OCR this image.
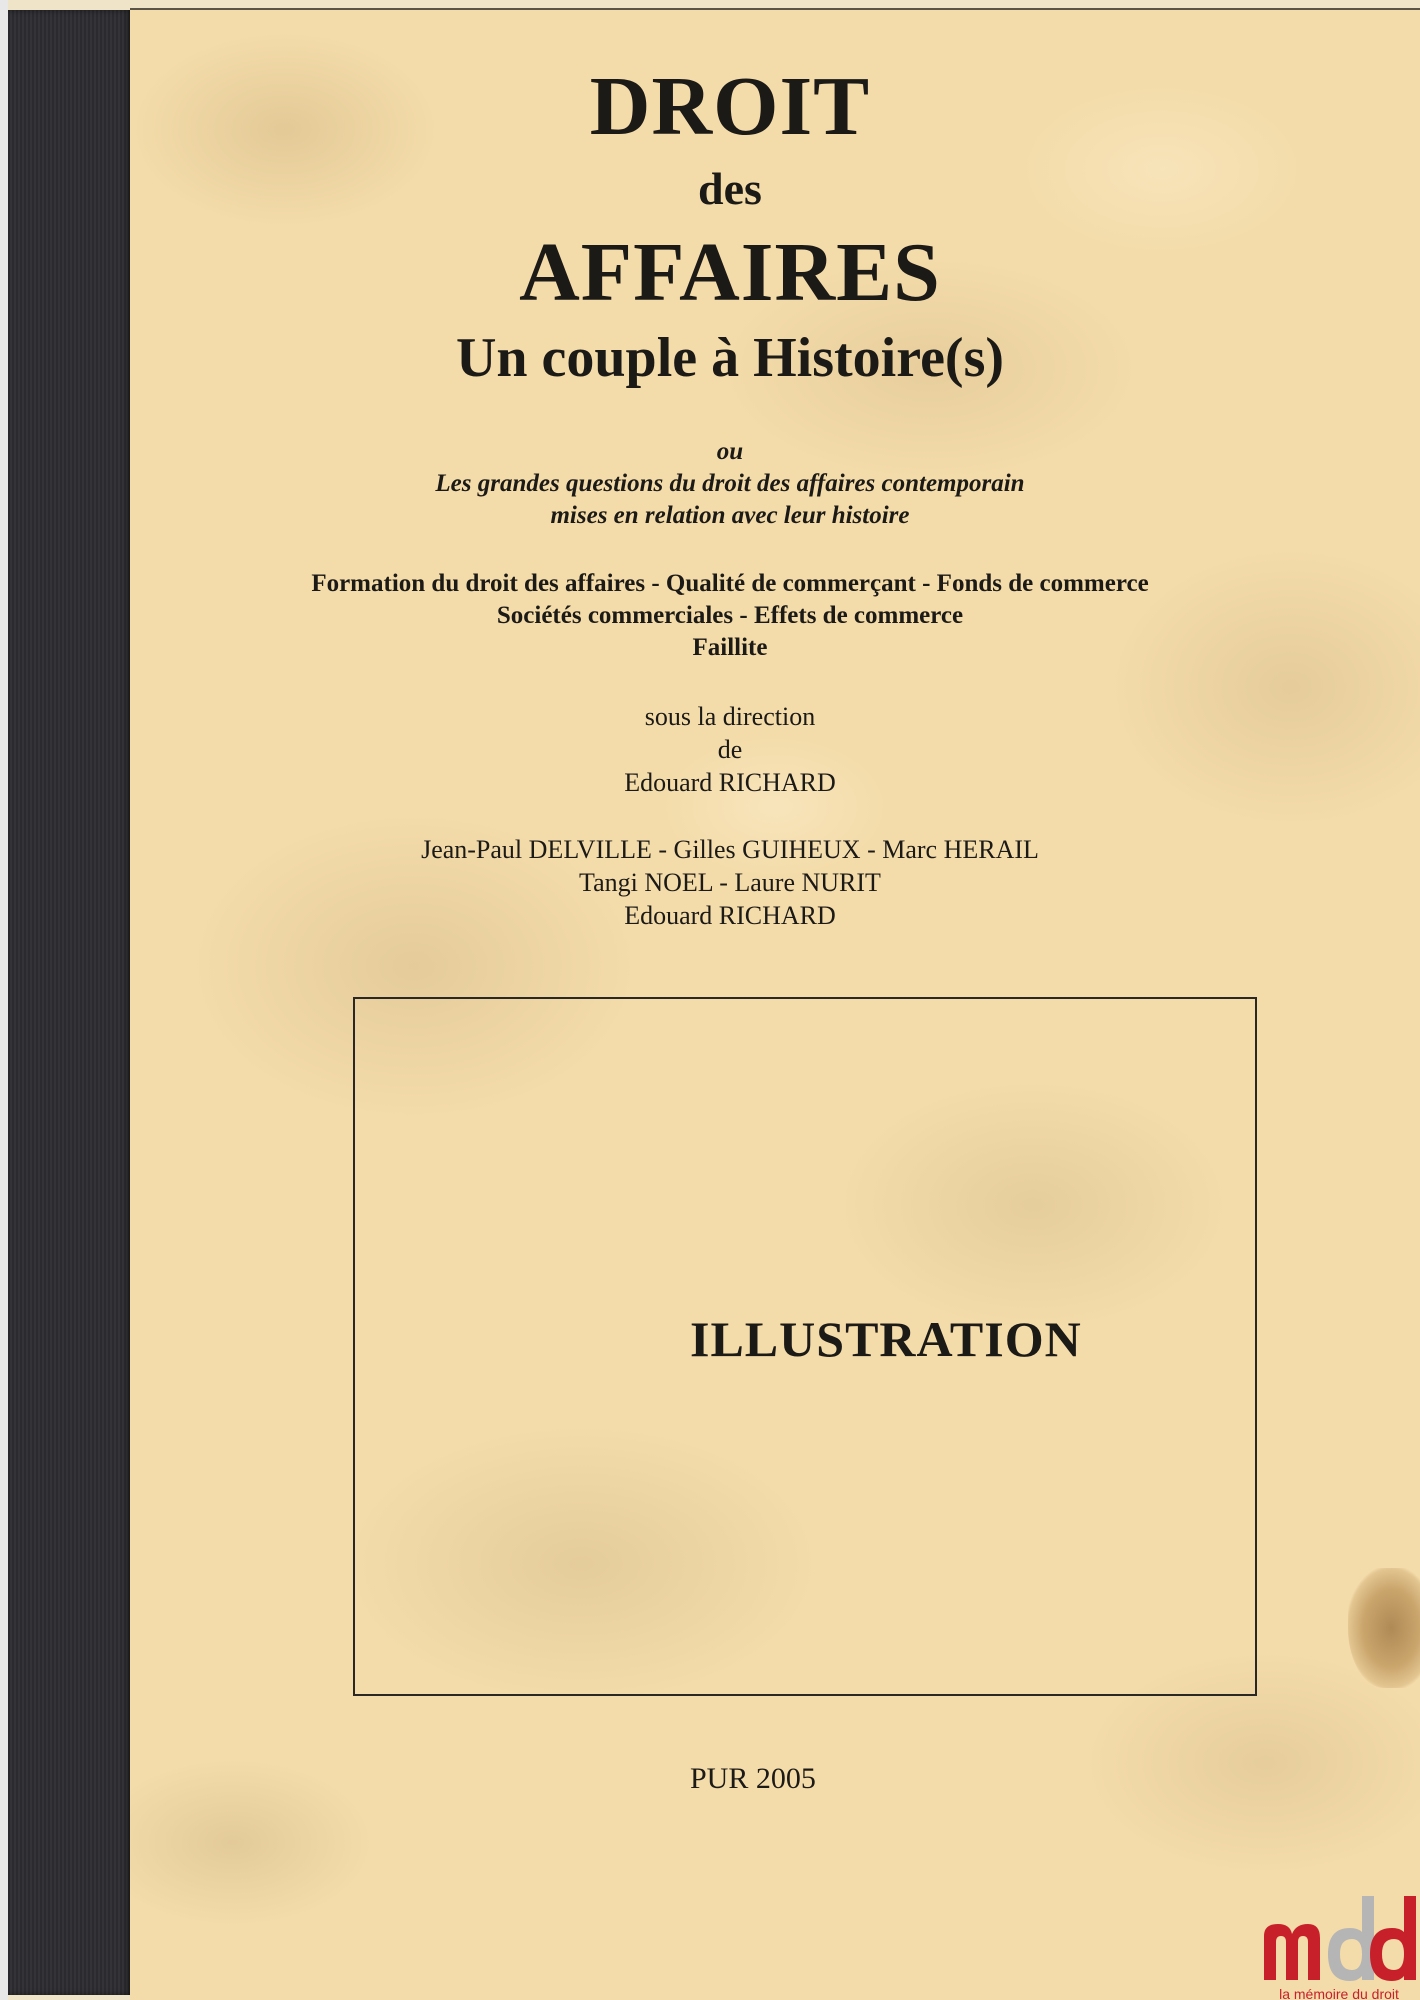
DROIT
des
AFFAIRES
Un couple à Histoire(s)
ou
Les grandes questions du droit des affaires contemporain
mises en relation avec leur histoire
Formation du droit des affaires - Qualité de commerçant - Fonds de commerce
Sociétés commerciales - Effets de commerce
Faillite
sous la direction
de
Edouard RICHARD
Jean-Paul DELVILLE - Gilles GUIHEUX - Marc HERAIL
Tangi NOEL - Laure NURIT
Edouard RICHARD
ILLUSTRATION
PUR 2005
la mémoire du droit
